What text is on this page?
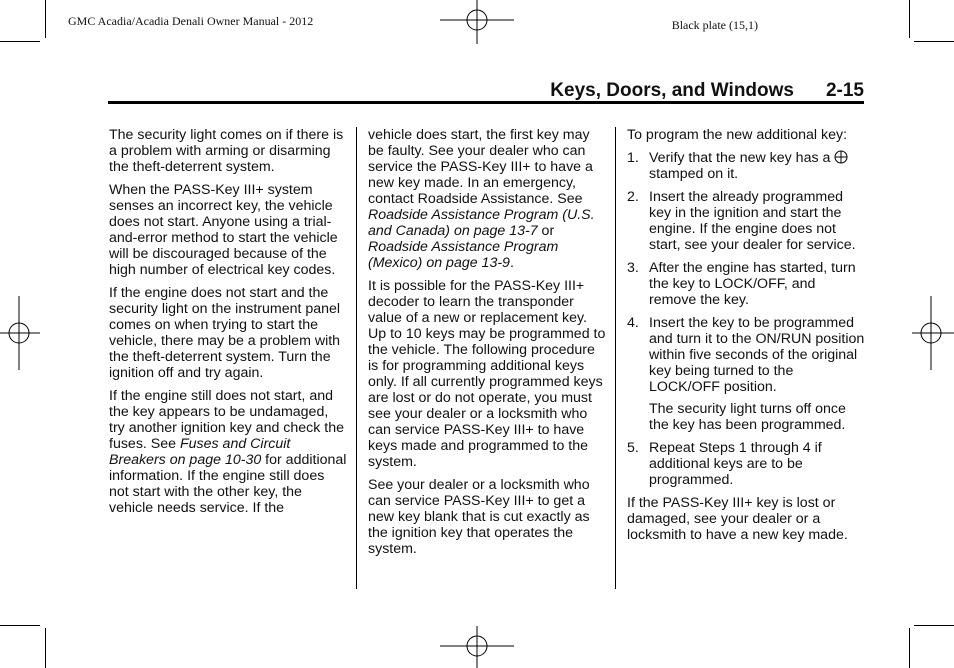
GMC Acadia/Acadia Denali Owner Manual - 2012	Black plate (15,1)
Keys, Doors, and Windows 2-15

The security light comes on if there is a problem with arming or disarming the theft-deterrent system.

When the PASS-Key III+ system senses an incorrect key, the vehicle does not start. Anyone using a trial-and-error method to start the vehicle will be discouraged because of the high number of electrical key codes.

If the engine does not start and the security light on the instrument panel comes on when trying to start the vehicle, there may be a problem with the theft-deterrent system. Turn the ignition off and try again.

If the engine still does not start, and the key appears to be undamaged, try another ignition key and check the fuses. See Fuses and Circuit Breakers on page 10-30 for additional information. If the engine still does not start with the other key, the vehicle needs service. If the

vehicle does start, the first key may be faulty. See your dealer who can service the PASS-Key III+ to have a new key made. In an emergency, contact Roadside Assistance. See Roadside Assistance Program (U.S. and Canada) on page 13-7 or Roadside Assistance Program (Mexico) on page 13-9.

It is possible for the PASS-Key III+ decoder to learn the transponder value of a new or replacement key. Up to 10 keys may be programmed to the vehicle. The following procedure is for programming additional keys only. If all currently programmed keys are lost or do not operate, you must see your dealer or a locksmith who can service PASS-Key III+ to have keys made and programmed to the system.

See your dealer or a locksmith who can service PASS-Key III+ to get a new key blank that is cut exactly as the ignition key that operates the system.

To program the new additional key:

1. Verify that the new key has a  stamped on it.
2. Insert the already programmed key in the ignition and start the engine. If the engine does not start, see your dealer for service.
3. After the engine has started, turn the key to LOCK/OFF, and remove the key.
4. Insert the key to be programmed and turn it to the ON/RUN position within five seconds of the original key being turned to the LOCK/OFF position.
The security light turns off once the key has been programmed.
5. Repeat Steps 1 through 4 if additional keys are to be programmed.

If the PASS-Key III+ key is lost or damaged, see your dealer or a locksmith to have a new key made.
